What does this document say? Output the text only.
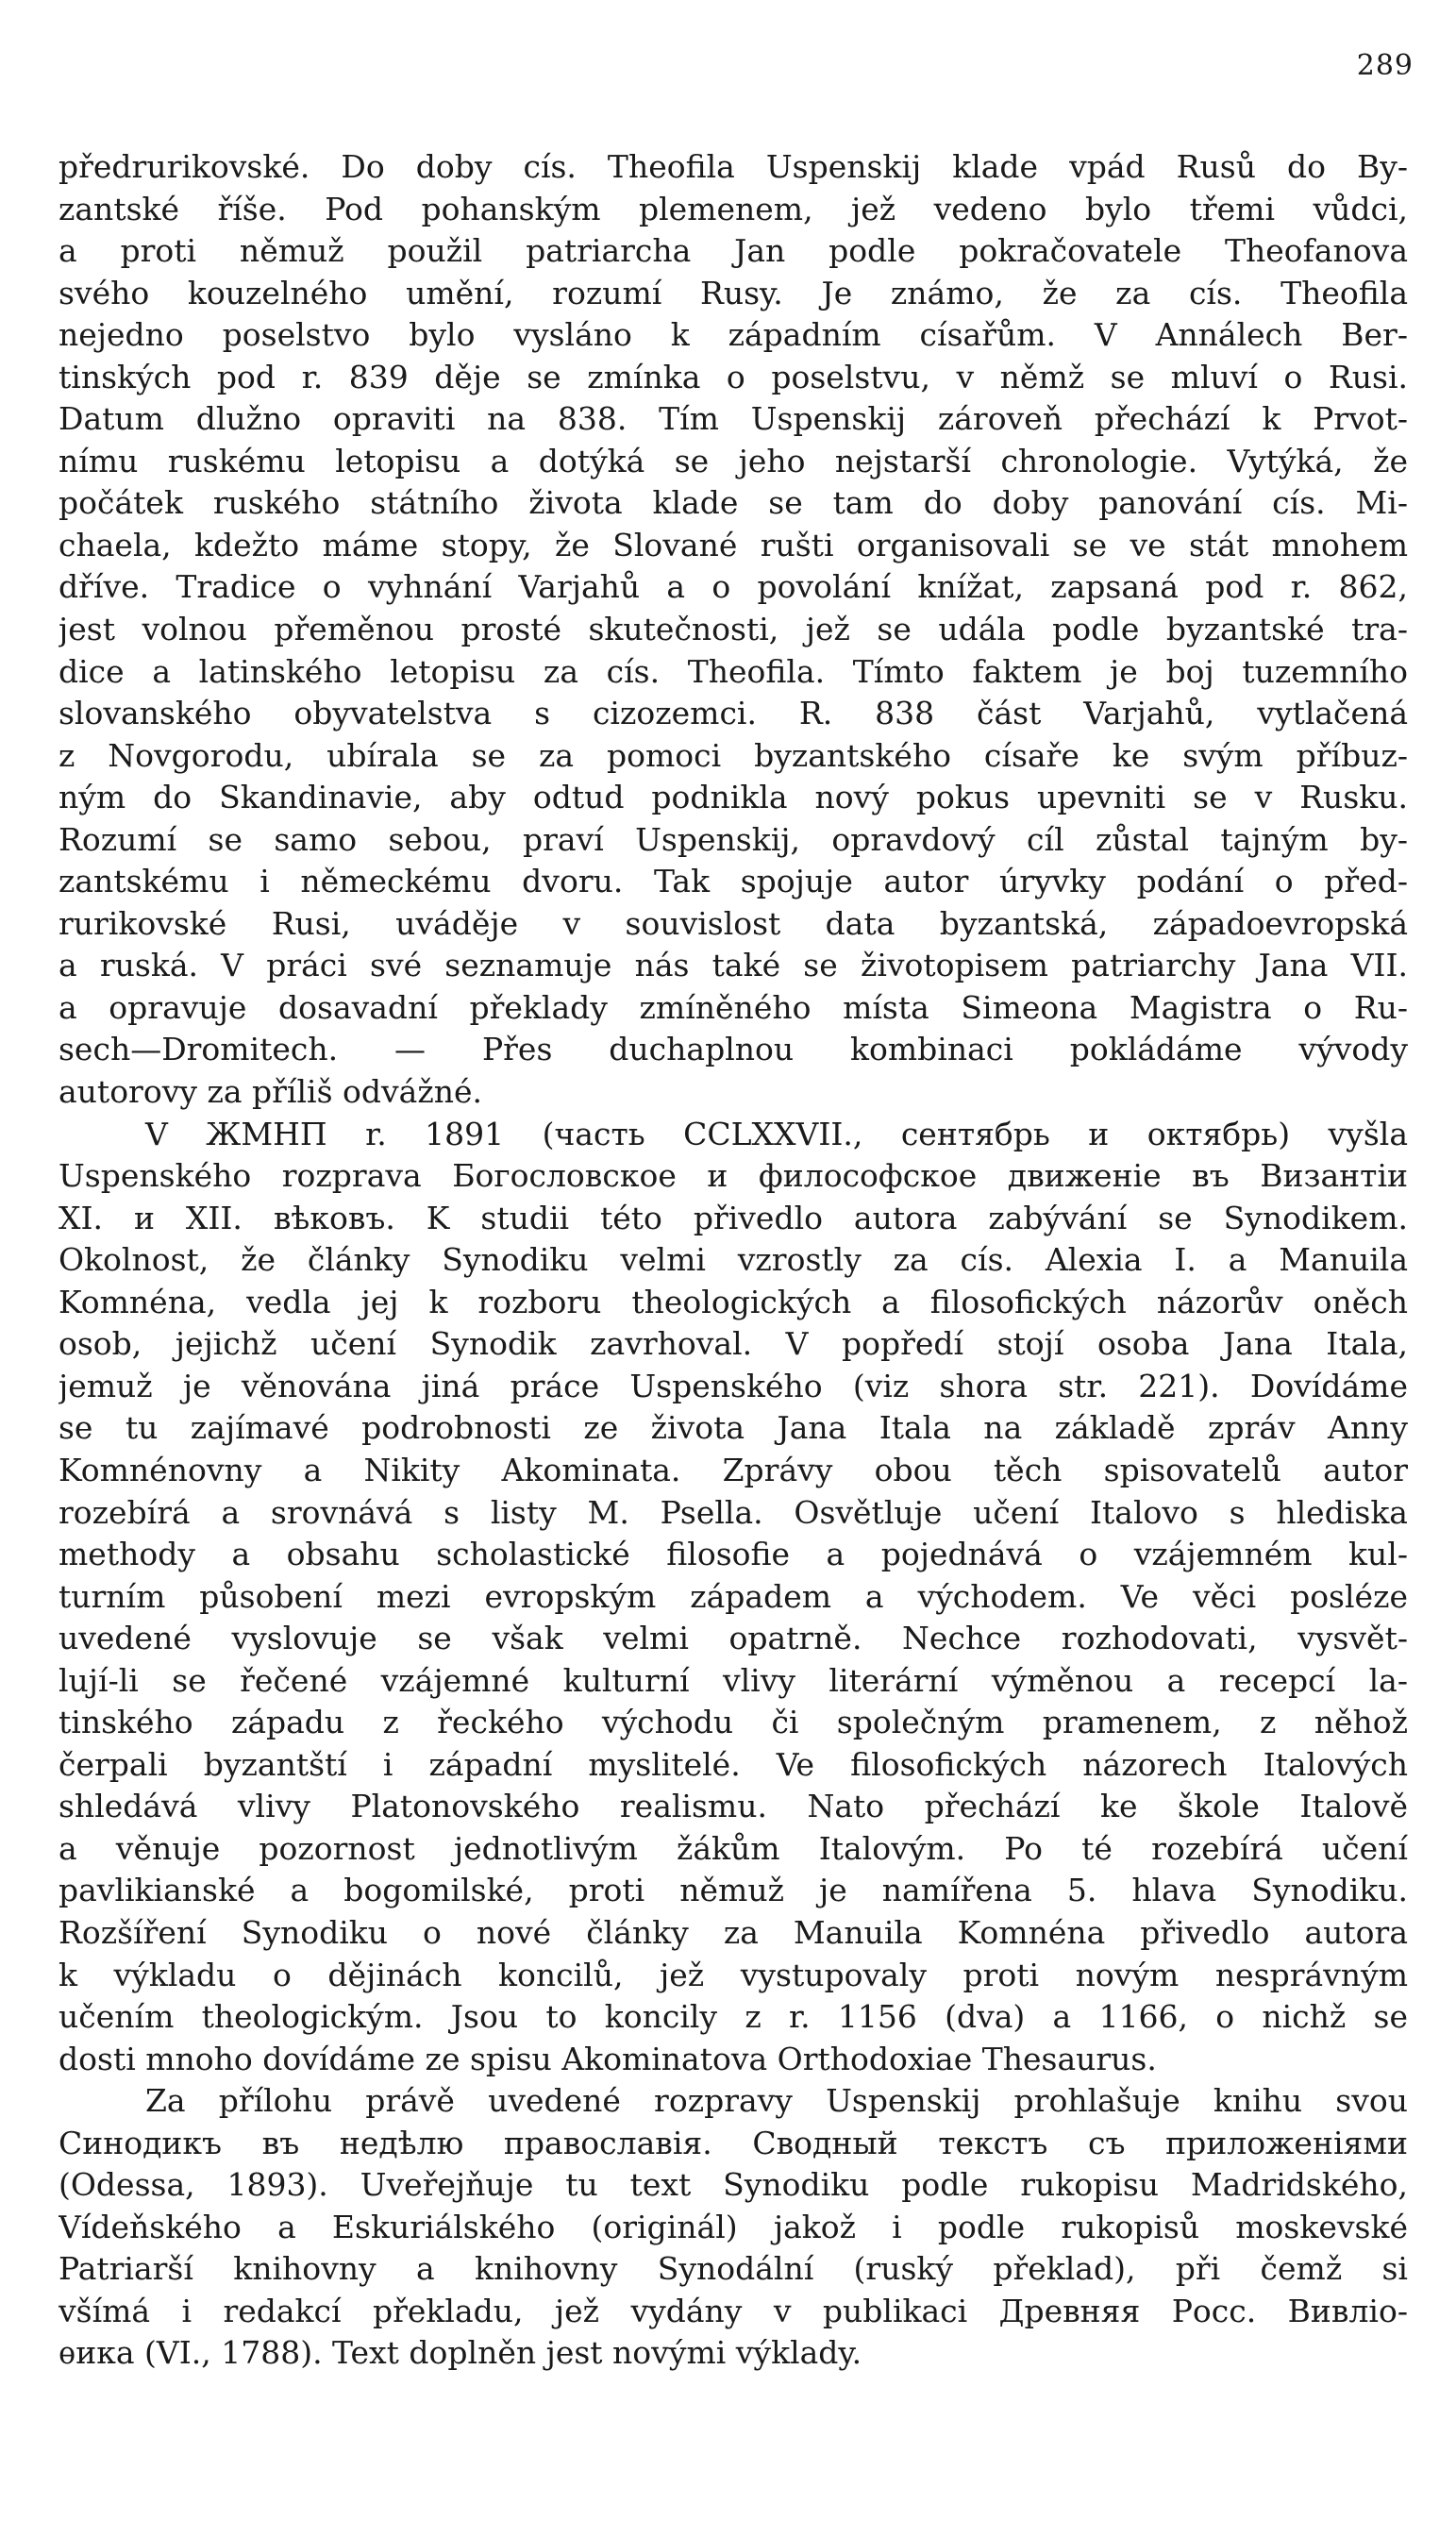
289
předrurikovské. Do doby cís. Theofila Uspenskij klade vpád Rusů do By-
zantské říše. Pod pohanským plemenem, jež vedeno bylo třemi vůdci,
a proti němuž použil patriarcha Jan podle pokračovatele Theofanova
svého kouzelného umění, rozumí Rusy. Je známo, že za cís. Theofila
nejedno poselstvo bylo vysláno k západním císařům. V Annálech Ber-
tinských pod r. 839 děje se zmínka o poselstvu, v němž se mluví o Rusi.
Datum dlužno opraviti na 838. Tím Uspenskij zároveň přechází k Prvot-
nímu ruskému letopisu a dotýká se jeho nejstarší chronologie. Vytýká, že
počátek ruského státního života klade se tam do doby panování cís. Mi-
chaela, kdežto máme stopy, že Slované rušti organisovali se ve stát mnohem
dříve. Tradice o vyhnání Varjahů a o povolání knížat, zapsaná pod r. 862,
jest volnou přeměnou prosté skutečnosti, jež se udála podle byzantské tra-
dice a latinského letopisu za cís. Theofila. Tímto faktem je boj tuzemního
slovanského obyvatelstva s cizozemci. R. 838 část Varjahů, vytlačená
z Novgorodu, ubírala se za pomoci byzantského císaře ke svým příbuz-
ným do Skandinavie, aby odtud podnikla nový pokus upevniti se v Rusku.
Rozumí se samo sebou, praví Uspenskij, opravdový cíl zůstal tajným by-
zantskému i německému dvoru. Tak spojuje autor úryvky podání o před-
rurikovské Rusi, uváděje v souvislost data byzantská, západoevropská
a ruská. V práci své seznamuje nás také se životopisem patriarchy Jana VII.
a opravuje dosavadní překlady zmíněného místa Simeona Magistra o Ru-
sech—Dromitech. — Přes duchaplnou kombinaci pokládáme vývody
autorovy za příliš odvážné.
V ЖМНП r. 1891 (часть CCLXXVII., сентябрь и октябрь) vyšla
Uspenského rozprava Богословское и философское движеніе въ Византіи
XI. и XII. вѣковъ. K studii této přivedlo autora zabývání se Synodikem.
Okolnost, že články Synodiku velmi vzrostly za cís. Alexia I. a Manuila
Komnéna, vedla jej k rozboru theologických a filosofických názorův oněch
osob, jejichž učení Synodik zavrhoval. V popředí stojí osoba Jana Itala,
jemuž je věnována jiná práce Uspenského (viz shora str. 221). Dovídáme
se tu zajímavé podrobnosti ze života Jana Itala na základě zpráv Anny
Komnénovny a Nikity Akominata. Zprávy obou těch spisovatelů autor
rozebírá a srovnává s listy M. Psella. Osvětluje učení Italovo s hlediska
methody a obsahu scholastické filosofie a pojednává o vzájemném kul-
turním působení mezi evropským západem a východem. Ve věci posléze
uvedené vyslovuje se však velmi opatrně. Nechce rozhodovati, vysvět-
lují-li se řečené vzájemné kulturní vlivy literární výměnou a recepcí la-
tinského západu z řeckého východu či společným pramenem, z něhož
čerpali byzantští i západní myslitelé. Ve filosofických názorech Italových
shledává vlivy Platonovského realismu. Nato přechází ke škole Italově
a věnuje pozornost jednotlivým žákům Italovým. Po té rozebírá učení
pavlikianské a bogomilské, proti němuž je namířena 5. hlava Synodiku.
Rozšíření Synodiku o nové články za Manuila Komnéna přivedlo autora
k výkladu o dějinách koncilů, jež vystupovaly proti novým nesprávným
učením theologickým. Jsou to koncily z r. 1156 (dva) a 1166, o nichž se
dosti mnoho dovídáme ze spisu Akominatova Orthodoxiae Thesaurus.
Za přílohu právě uvedené rozpravy Uspenskij prohlašuje knihu svou
Синодикъ въ недѣлю православія. Сводный текстъ съ приложеніями
(Odessa, 1893). Uveřejňuje tu text Synodiku podle rukopisu Madridského,
Vídeňského a Eskuriálského (originál) jakož i podle rukopisů moskevské
Patriarší knihovny a knihovny Synodální (ruský překlad), při čemž si
všímá i redakcí překladu, jež vydány v publikaci Древняя Росс. Вивлio-
ѳика (VI., 1788). Text doplněn jest novými výklady.
